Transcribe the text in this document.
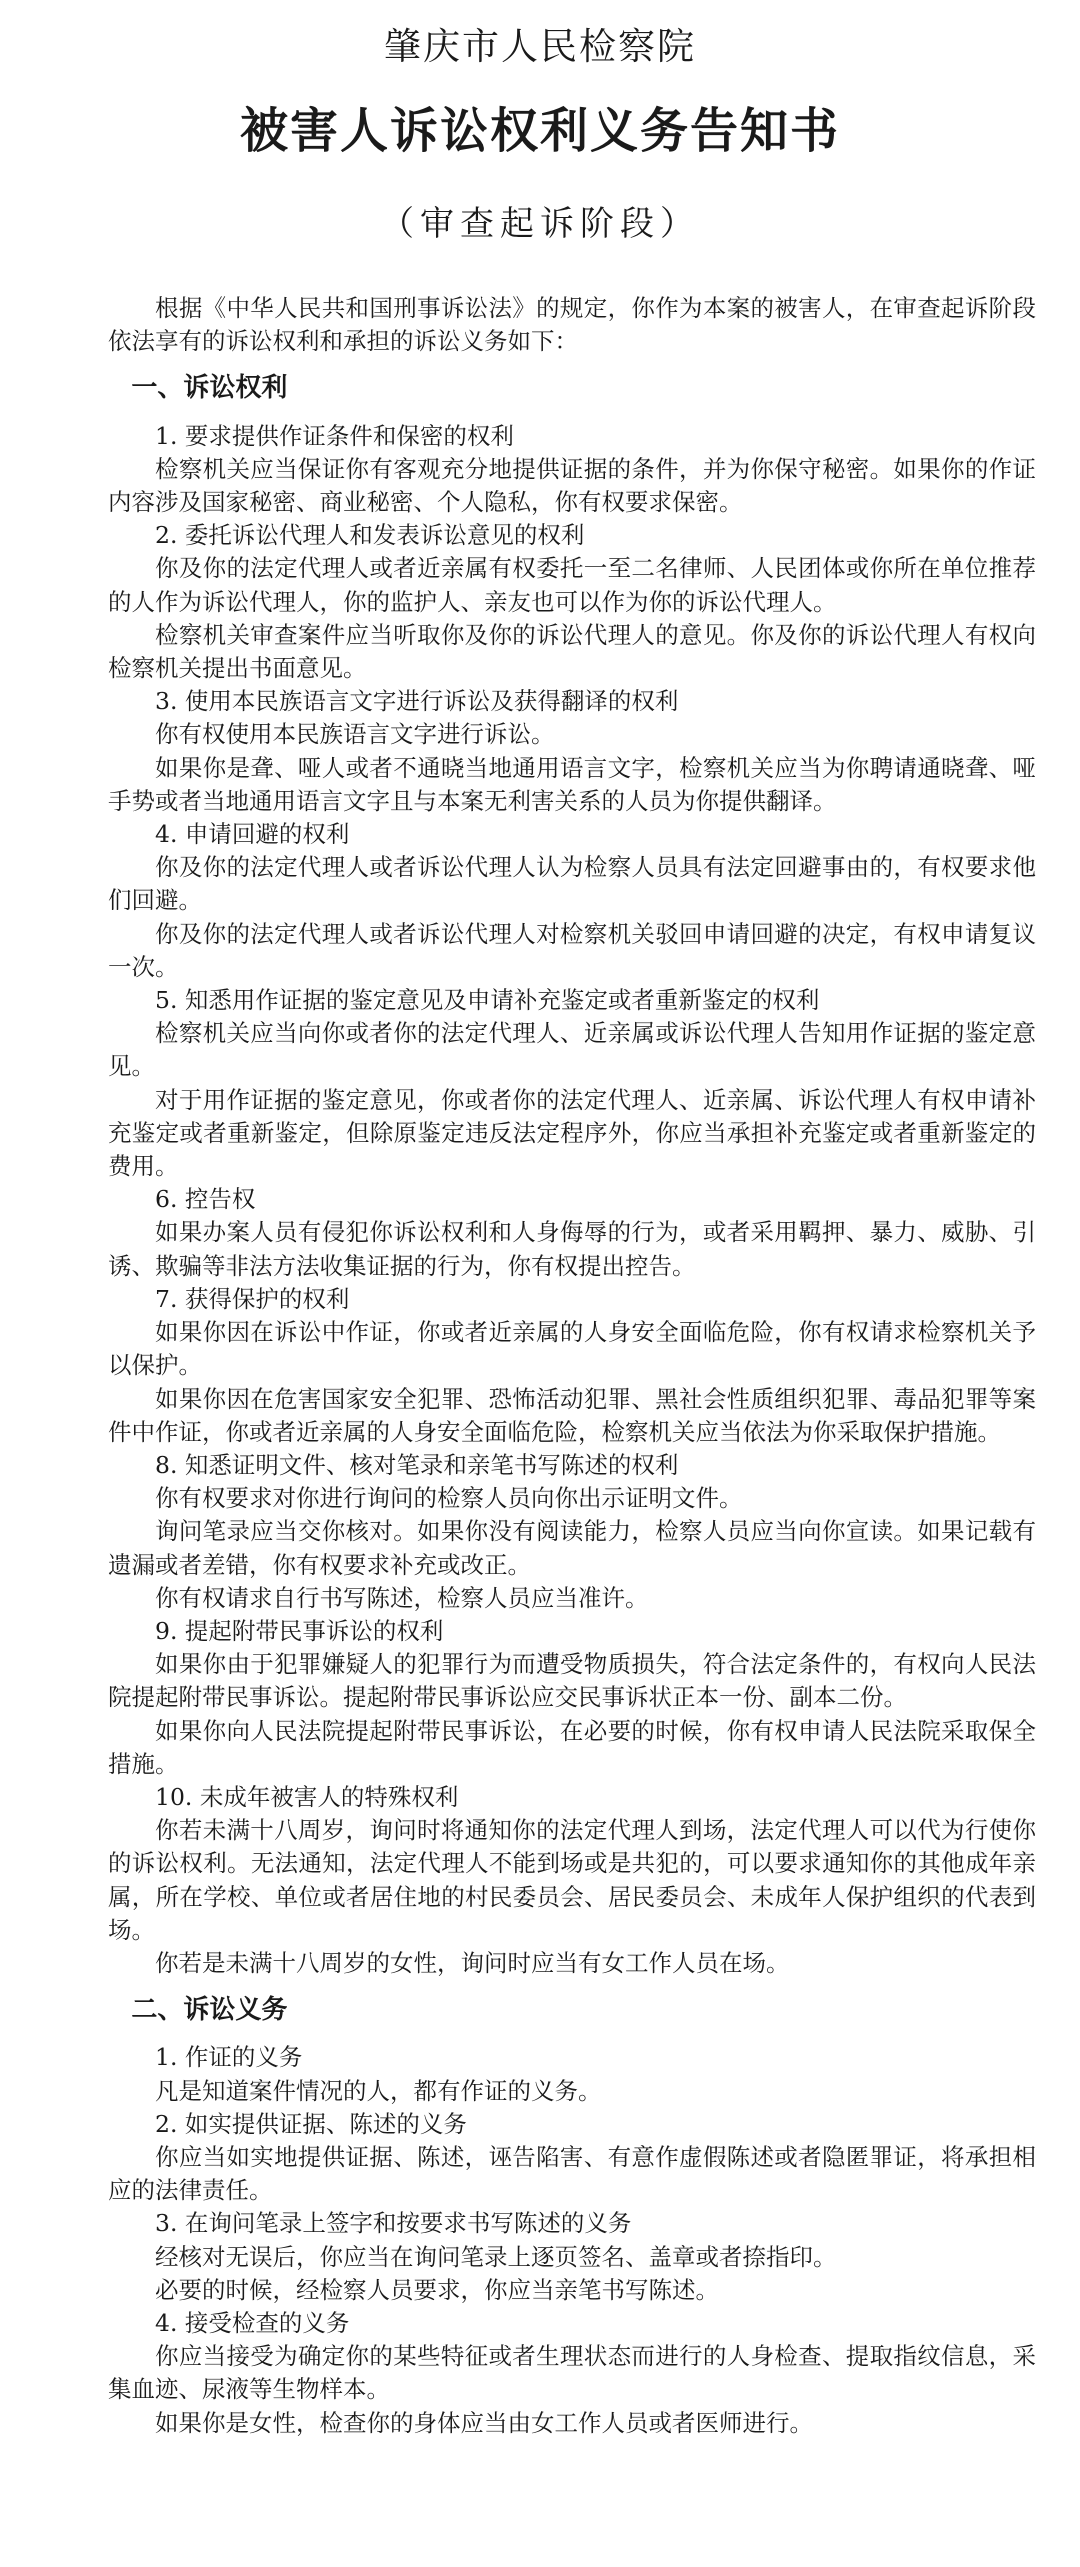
肇庆市人民检察院
被害人诉讼权利义务告知书
（审查起诉阶段）

根据《中华人民共和国刑事诉讼法》的规定，你作为本案的被害人，在审查起诉阶段依法享有的诉讼权利和承担的诉讼义务如下：

一、诉讼权利
1. 要求提供作证条件和保密的权利

检察机关应当保证你有客观充分地提供证据的条件，并为你保守秘密。如果你的作证内容涉及国家秘密、商业秘密、个人隐私，你有权要求保密。

2. 委托诉讼代理人和发表诉讼意见的权利

你及你的法定代理人或者近亲属有权委托一至二名律师、人民团体或你所在单位推荐的人作为诉讼代理人，你的监护人、亲友也可以作为你的诉讼代理人。

检察机关审查案件应当听取你及你的诉讼代理人的意见。你及你的诉讼代理人有权向检察机关提出书面意见。

3. 使用本民族语言文字进行诉讼及获得翻译的权利

你有权使用本民族语言文字进行诉讼。

如果你是聋、哑人或者不通晓当地通用语言文字，检察机关应当为你聘请通晓聋、哑手势或者当地通用语言文字且与本案无利害关系的人员为你提供翻译。

4. 申请回避的权利

你及你的法定代理人或者诉讼代理人认为检察人员具有法定回避事由的，有权要求他们回避。

你及你的法定代理人或者诉讼代理人对检察机关驳回申请回避的决定，有权申请复议一次。

5. 知悉用作证据的鉴定意见及申请补充鉴定或者重新鉴定的权利

检察机关应当向你或者你的法定代理人、近亲属或诉讼代理人告知用作证据的鉴定意见。

对于用作证据的鉴定意见，你或者你的法定代理人、近亲属、诉讼代理人有权申请补充鉴定或者重新鉴定，但除原鉴定违反法定程序外，你应当承担补充鉴定或者重新鉴定的费用。

6. 控告权

如果办案人员有侵犯你诉讼权利和人身侮辱的行为，或者采用羁押、暴力、威胁、引诱、欺骗等非法方法收集证据的行为，你有权提出控告。

7. 获得保护的权利

如果你因在诉讼中作证，你或者近亲属的人身安全面临危险，你有权请求检察机关予以保护。

如果你因在危害国家安全犯罪、恐怖活动犯罪、黑社会性质组织犯罪、毒品犯罪等案件中作证，你或者近亲属的人身安全面临危险，检察机关应当依法为你采取保护措施。

8. 知悉证明文件、核对笔录和亲笔书写陈述的权利

你有权要求对你进行询问的检察人员向你出示证明文件。

询问笔录应当交你核对。如果你没有阅读能力，检察人员应当向你宣读。如果记载有遗漏或者差错，你有权要求补充或改正。

你有权请求自行书写陈述，检察人员应当准许。

9. 提起附带民事诉讼的权利

如果你由于犯罪嫌疑人的犯罪行为而遭受物质损失，符合法定条件的，有权向人民法院提起附带民事诉讼。提起附带民事诉讼应交民事诉状正本一份、副本二份。

如果你向人民法院提起附带民事诉讼，在必要的时候，你有权申请人民法院采取保全措施。

10. 未成年被害人的特殊权利

你若未满十八周岁，询问时将通知你的法定代理人到场，法定代理人可以代为行使你的诉讼权利。无法通知，法定代理人不能到场或是共犯的，可以要求通知你的其他成年亲属，所在学校、单位或者居住地的村民委员会、居民委员会、未成年人保护组织的代表到场。

你若是未满十八周岁的女性，询问时应当有女工作人员在场。

二、诉讼义务
1. 作证的义务

凡是知道案件情况的人，都有作证的义务。

2. 如实提供证据、陈述的义务

你应当如实地提供证据、陈述，诬告陷害、有意作虚假陈述或者隐匿罪证，将承担相应的法律责任。

3. 在询问笔录上签字和按要求书写陈述的义务

经核对无误后，你应当在询问笔录上逐页签名、盖章或者捺指印。

必要的时候，经检察人员要求，你应当亲笔书写陈述。

4. 接受检查的义务

你应当接受为确定你的某些特征或者生理状态而进行的人身检查、提取指纹信息，采集血迹、尿液等生物样本。

如果你是女性，检查你的身体应当由女工作人员或者医师进行。
